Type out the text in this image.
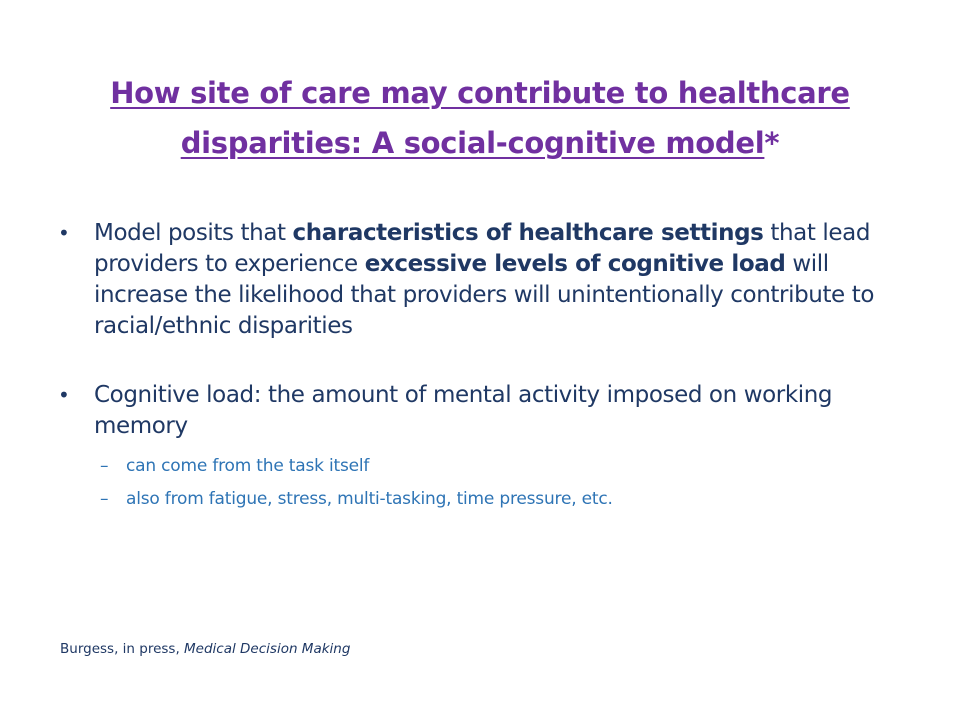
How site of care may contribute to healthcare disparities: A social-cognitive model*
• Model posits that characteristics of healthcare settings that lead providers to experience excessive levels of cognitive load will increase the likelihood that providers will unintentionally contribute to racial/ethnic disparities
• Cognitive load: the amount of mental activity imposed on working memory
– can come from the task itself
– also from fatigue, stress, multi-tasking, time pressure, etc.
Burgess, in press, Medical Decision Making
